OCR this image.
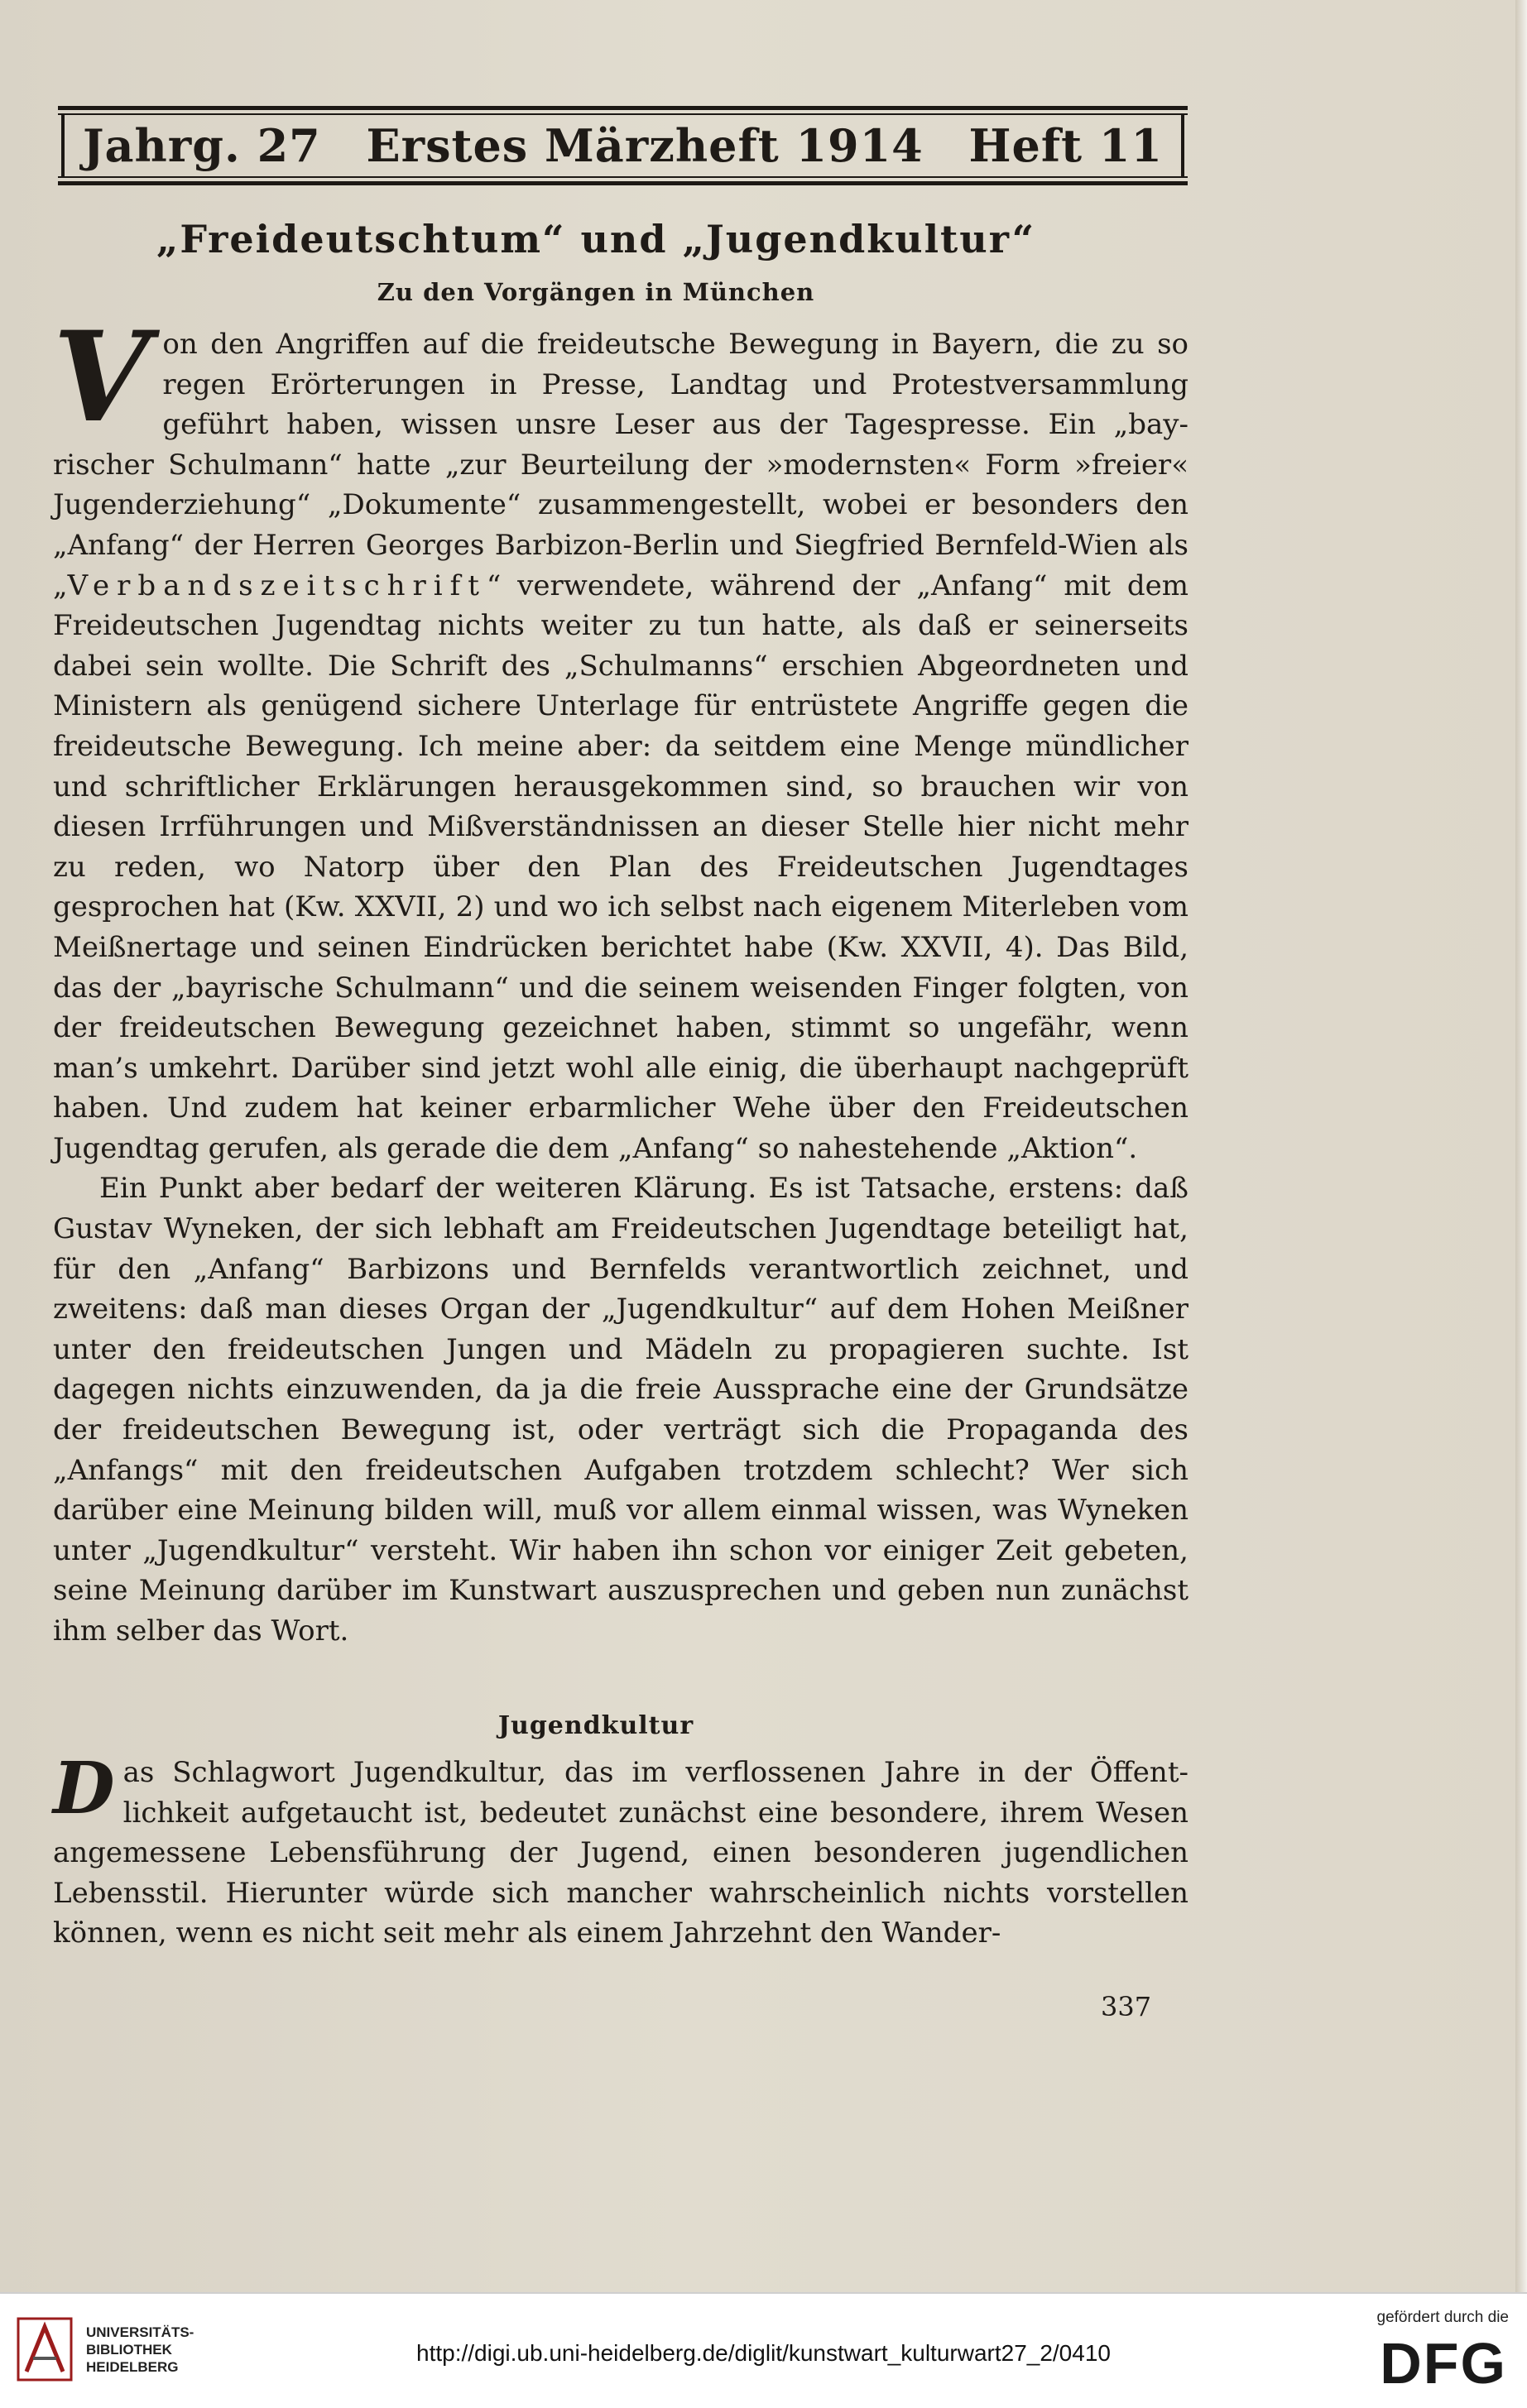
Jahrg. 27 Erstes Märzheft 1914 Heft 11
„Freideutschtum“ und „Jugendkultur“
Zu den Vorgängen in München

Von den Angriffen auf die freideutsche Bewegung in Bayern, die zu so regen Erörterungen in Presse, Landtag und Protestversammlung geführt haben, wissen unsre Leser aus der Tagespresse. Ein „bayrischer Schulmann“ hatte „zur Beurteilung der »modernsten« Form »freier« Jugenderziehung“ „Dokumente“ zusammengestellt, wobei er besonders den „Anfang“ der Herren Georges Barbizon-Berlin und Siegfried Bernfeld-Wien als „Verbandszeitschrift“ verwendete, während der „Anfang“ mit dem Freideutschen Jugendtag nichts weiter zu tun hatte, als daß er seinerseits dabei sein wollte. Die Schrift des „Schulmanns“ erschien Abgeordneten und Ministern als genügend sichere Unterlage für entrüstete Angriffe gegen die freideutsche Bewegung. Ich meine aber: da seitdem eine Menge mündlicher und schriftlicher Erklärungen herausgekommen sind, so brauchen wir von diesen Irrführungen und Mißverständnissen an dieser Stelle hier nicht mehr zu reden, wo Natorp über den Plan des Freideutschen Jugendtages gesprochen hat (Kw. XXVII, 2) und wo ich selbst nach eigenem Miterleben vom Meißnertage und seinen Eindrücken berichtet habe (Kw. XXVII, 4). Das Bild, das der „bayrische Schulmann“ und die seinem weisenden Finger folgten, von der freideutschen Bewegung gezeichnet haben, stimmt so ungefähr, wenn man’s umkehrt. Darüber sind jetzt wohl alle einig, die überhaupt nachgeprüft haben. Und zudem hat keiner erbarmlicher Wehe über den Freideutschen Jugendtag gerufen, als gerade die dem „Anfang“ so nahestehende „Aktion“.

Ein Punkt aber bedarf der weiteren Klärung. Es ist Tatsache, erstens: daß Gustav Wyneken, der sich lebhaft am Freideutschen Jugendtage beteiligt hat, für den „Anfang“ Barbizons und Bernfelds verantwortlich zeichnet, und zweitens: daß man dieses Organ der „Jugendkultur“ auf dem Hohen Meißner unter den freideutschen Jungen und Mädeln zu propagieren suchte. Ist dagegen nichts einzuwenden, da ja die freie Aussprache eine der Grundsätze der freideutschen Bewegung ist, oder verträgt sich die Propaganda des „Anfangs“ mit den freideutschen Aufgaben trotzdem schlecht? Wer sich darüber eine Meinung bilden will, muß vor allem einmal wissen, was Wyneken unter „Jugendkultur“ versteht. Wir haben ihn schon vor einiger Zeit gebeten, seine Meinung darüber im Kunstwart auszusprechen und geben nun zunächst ihm selber das Wort.

Jugendkultur

Das Schlagwort Jugendkultur, das im verflossenen Jahre in der Öffentlichkeit aufgetaucht ist, bedeutet zunächst eine besondere, ihrem Wesen angemessene Lebensführung der Jugend, einen besonderen jugendlichen Lebensstil. Hierunter würde sich mancher wahrscheinlich nichts vorstellen können, wenn es nicht seit mehr als einem Jahrzehnt den Wander-

337
UNIVERSITÄTS-
BIBLIOTHEK
HEIDELBERG
http://digi.ub.uni-heidelberg.de/diglit/kunstwart_kulturwart27_2/0410
gefördert durch die
DFG
